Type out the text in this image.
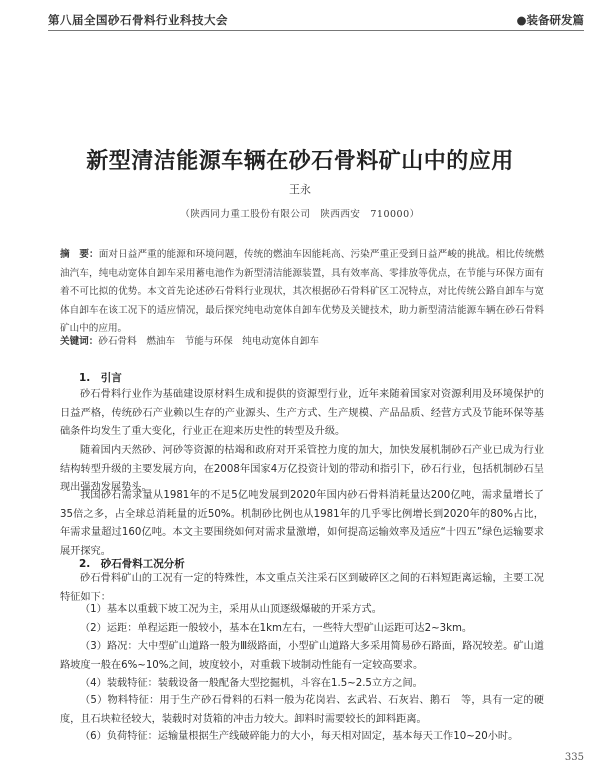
第八届全国砂石骨料行业科技大会	●装备研发篇
新型清洁能源车辆在砂石骨料矿山中的应用
王永
（陕西同力重工股份有限公司　陕西西安　710000）
摘　要：面对日益严重的能源和环境问题，传统的燃油车因能耗高、污染严重正受到日益严峻的挑战。相比传统燃油汽车，纯电动宽体自卸车采用蓄电池作为新型清洁能源装置，具有效率高、零排放等优点，在节能与环保方面有着不可比拟的优势。本文首先论述砂石骨料行业现状，其次根据砂石骨料矿区工况特点，对比传统公路自卸车与宽体自卸车在该工况下的适应情况，最后探究纯电动宽体自卸车优势及关键技术，助力新型清洁能源车辆在砂石骨料矿山中的应用。
关键词：砂石骨料　燃油车　节能与环保　纯电动宽体自卸车
1.　引言
砂石骨料行业作为基础建设原材料生成和提供的资源型行业，近年来随着国家对资源利用及环境保护的日益严格，传统砂石产业赖以生存的产业源头、生产方式、生产规模、产品品质、经营方式及节能环保等基础条件均发生了重大变化，行业正在迎来历史性的转型及升级。
随着国内天然砂、河砂等资源的枯竭和政府对开采管控力度的加大，加快发展机制砂石产业已成为行业结构转型升级的主要发展方向，在2008年国家4万亿投资计划的带动和指引下，砂石行业，包括机制砂石呈现出强劲发展势头。
我国砂石需求量从1981年的不足5亿吨发展到2020年国内砂石骨料消耗量达200亿吨，需求量增长了35倍之多，占全球总消耗量的近50%。机制砂比例也从1981年的几乎零比例增长到2020年的80%占比，年需求量超过160亿吨。本文主要围绕如何对需求量激增，如何提高运输效率及适应“十四五”绿色运输要求展开探究。
2.　砂石骨料工况分析
砂石骨料矿山的工况有一定的特殊性，本文重点关注采石区到破碎区之间的石料短距离运输，主要工况特征如下：
（1）基本以重载下坡工况为主，采用从山顶逐级爆破的开采方式。
（2）运距：单程运距一般较小，基本在1km左右，一些特大型矿山运距可达2~3km。
（3）路况：大中型矿山道路一般为Ⅲ级路面，小型矿山道路大多采用简易砂石路面，路况较差。矿山道路坡度一般在6%~10%之间，坡度较小，对重载下坡制动性能有一定较高要求。
（4）装载特征：装载设备一般配备大型挖掘机，斗容在1.5~2.5立方之间。
（5）物料特征：用于生产砂石骨料的石料一般为花岗岩、玄武岩、石灰岩、鹅石　等，具有一定的硬度，且石块粒径较大，装载时对货箱的冲击力较大。卸料时需要较长的卸料距离。
（6）负荷特征：运输量根据生产线破碎能力的大小，每天相对固定，基本每天工作10~20小时。
335
